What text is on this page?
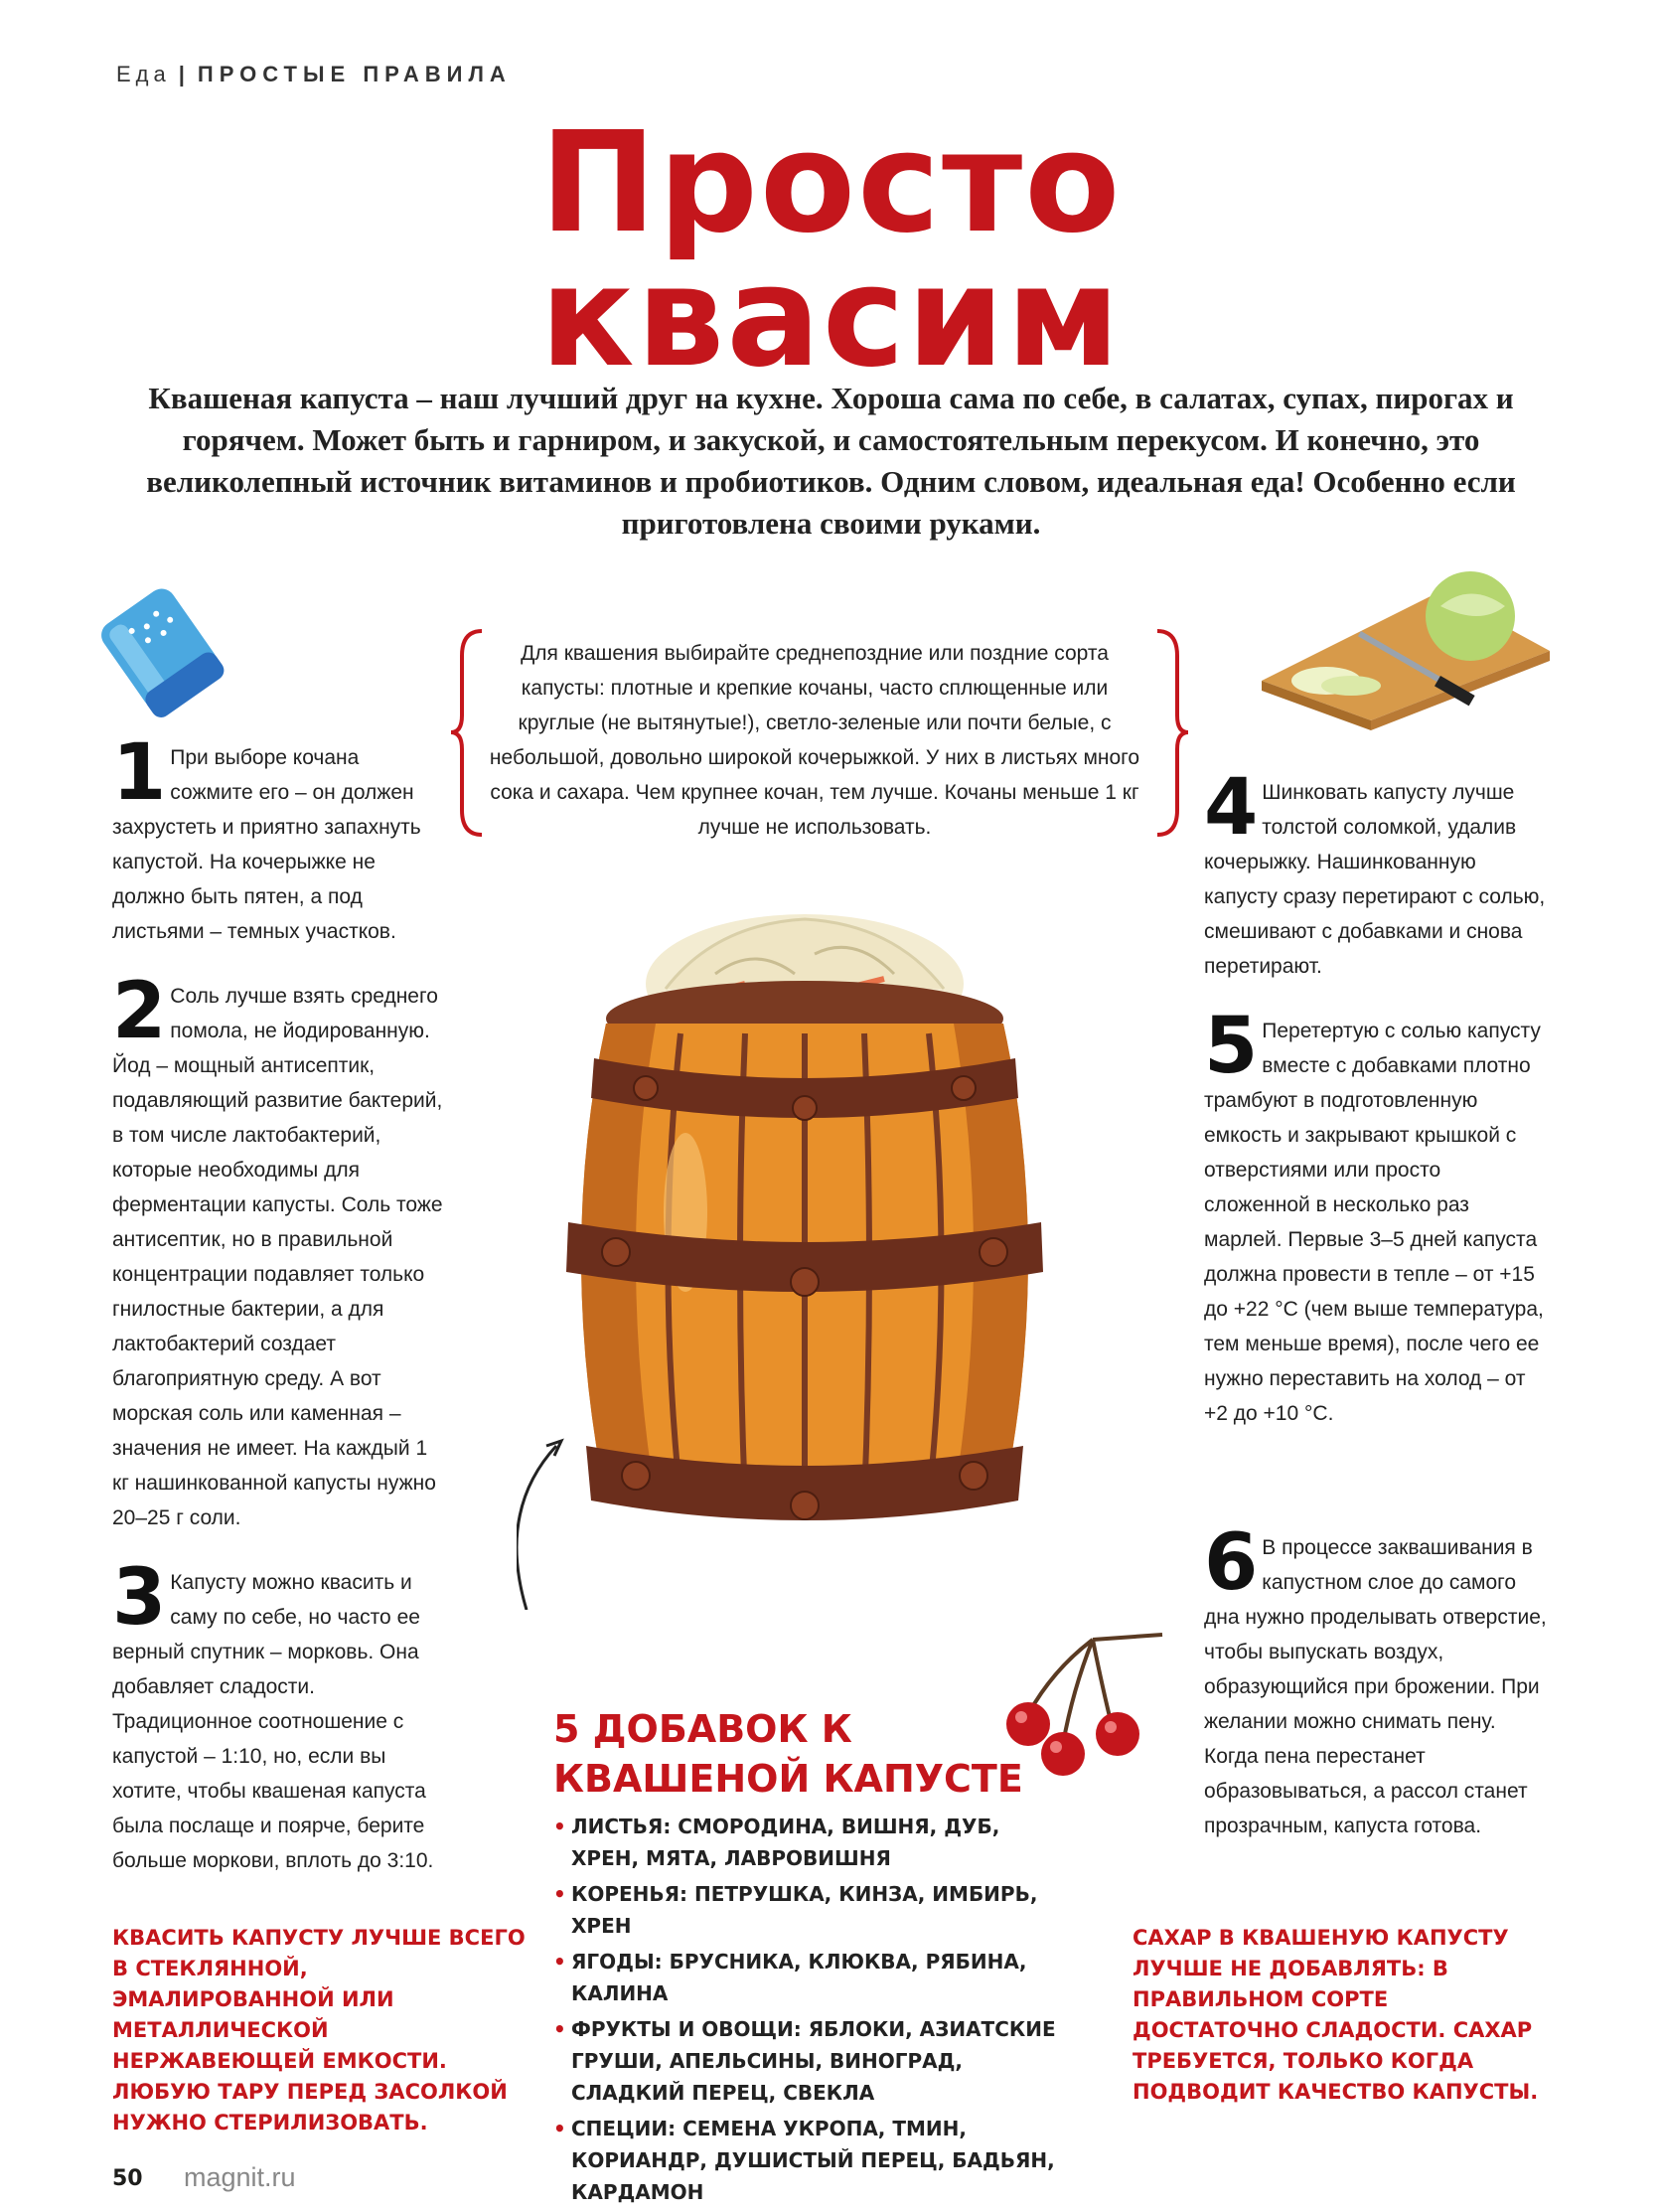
Еда | ПРОСТЫЕ ПРАВИЛА
Просто
квасим
Квашеная капуста – наш лучший друг на кухне. Хороша сама по себе, в салатах, супах, пирогах и горячем. Может быть и гарниром, и закуской, и самостоятельным перекусом. И конечно, это великолепный источник витаминов и пробиотиков. Одним словом, идеальная еда! Особенно если приготовлена своими руками.
Для квашения выбирайте среднепоздние или поздние сорта капусты: плотные и крепкие кочаны, часто сплющенные или круглые (не вытянутые!), светло-зеленые или почти белые, с небольшой, довольно широкой кочерыжкой. У них в листьях много сока и сахара. Чем крупнее кочан, тем лучше. Кочаны меньше 1 кг лучше не использовать.
1 При выборе кочана сожмите его – он должен захрустеть и приятно запахнуть капустой. На кочерыжке не должно быть пятен, а под листьями – темных участков.
2 Соль лучше взять среднего помола, не йодированную. Йод – мощный антисептик, подавляющий развитие бактерий, в том числе лактобактерий, которые необходимы для ферментации капусты. Соль тоже антисептик, но в правильной концентрации подавляет только гнилостные бактерии, а для лактобактерий создает благоприятную среду. А вот морская соль или каменная – значения не имеет. На каждый 1 кг нашинкованной капусты нужно 20–25 г соли.
3 Капусту можно квасить и саму по себе, но часто ее верный спутник – морковь. Она добавляет сладости. Традиционное соотношение с капустой – 1:10, но, если вы хотите, чтобы квашеная капуста была послаще и поярче, берите больше моркови, вплоть до 3:10.
4 Шинковать капусту лучше толстой соломкой, удалив кочерыжку. Нашинкованную капусту сразу перетирают с солью, смешивают с добавками и снова перетирают.
5 Перетертую с солью капусту вместе с добавками плотно трамбуют в подготовленную емкость и закрывают крышкой с отверстиями или просто сложенной в несколько раз марлей. Первые 3–5 дней капуста должна провести в тепле – от +15 до +22 °С (чем выше температура, тем меньше время), после чего ее нужно переставить на холод – от +2 до +10 °С.
6 В процессе заквашивания в капустном слое до самого дна нужно проделывать отверстие, чтобы выпускать воздух, образующийся при брожении. При желании можно снимать пену. Когда пена перестанет образовываться, а рассол станет прозрачным, капуста готова.
5 ДОБАВОК К КВАШЕНОЙ КАПУСТЕ
• ЛИСТЬЯ: СМОРОДИНА, ВИШНЯ, ДУБ, ХРЕН, МЯТА, ЛАВРОВИШНЯ
• КОРЕНЬЯ: ПЕТРУШКА, КИНЗА, ИМБИРЬ, ХРЕН
• ЯГОДЫ: БРУСНИКА, КЛЮКВА, РЯБИНА, КАЛИНА
• ФРУКТЫ И ОВОЩИ: ЯБЛОКИ, АЗИАТСКИЕ ГРУШИ, АПЕЛЬСИНЫ, ВИНОГРАД, СЛАДКИЙ ПЕРЕЦ, СВЕКЛА
• СПЕЦИИ: СЕМЕНА УКРОПА, ТМИН, КОРИАНДР, ДУШИСТЫЙ ПЕРЕЦ, БАДЬЯН, КАРДАМОН
КВАСИТЬ КАПУСТУ ЛУЧШЕ ВСЕГО В СТЕКЛЯННОЙ, ЭМАЛИРОВАННОЙ ИЛИ МЕТАЛЛИЧЕСКОЙ НЕРЖАВЕЮЩЕЙ ЕМКОСТИ. ЛЮБУЮ ТАРУ ПЕРЕД ЗАСОЛКОЙ НУЖНО СТЕРИЛИЗОВАТЬ.
САХАР В КВАШЕНУЮ КАПУСТУ ЛУЧШЕ НЕ ДОБАВЛЯТЬ: В ПРАВИЛЬНОМ СОРТЕ ДОСТАТОЧНО СЛАДОСТИ. САХАР ТРЕБУЕТСЯ, ТОЛЬКО КОГДА ПОДВОДИТ КАЧЕСТВО КАПУСТЫ.
50 magnit.ru
